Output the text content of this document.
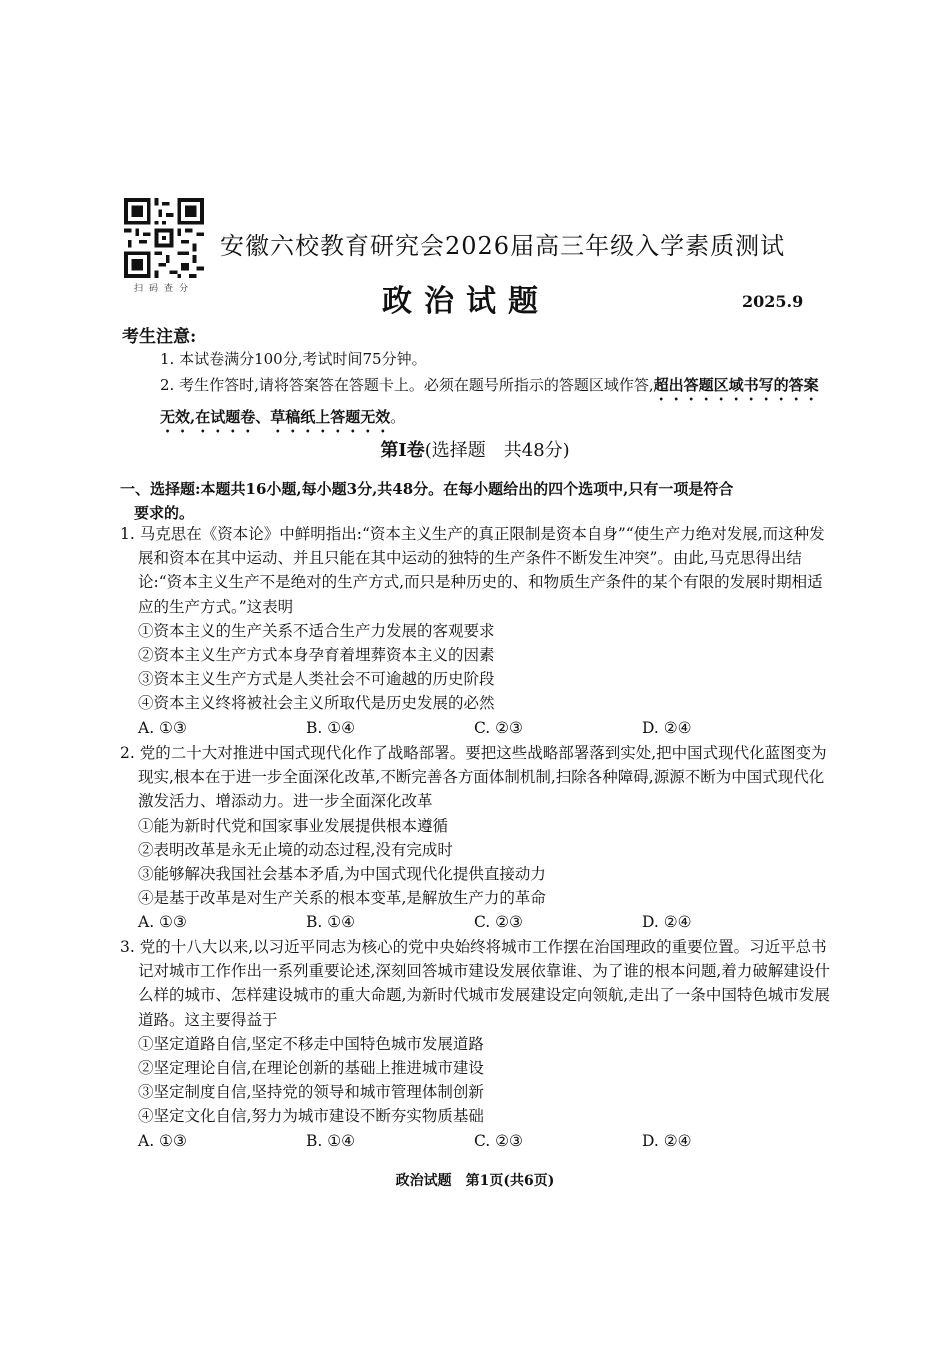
扫码查分
安徽六校教育研究会2026届高三年级入学素质测试
政治试题	2025.9
考生注意:
1. 本试卷满分100分,考试时间75分钟。
2. 考生作答时,请将答案答在答题卡上。必须在题号所指示的答题区域作答,超出答题区域书写的答案无效,在试题卷、草稿纸上答题无效。
第Ⅰ卷(选择题　共48分)
一、选择题:本题共16小题,每小题3分,共48分。在每小题给出的四个选项中,只有一项是符合
要求的。
1. 马克思在《资本论》中鲜明指出:“资本主义生产的真正限制是资本自身”“使生产力绝对发展,而这种发展和资本在其中运动、并且只能在其中运动的独特的生产条件不断发生冲突”。由此,马克思得出结论:“资本主义生产不是绝对的生产方式,而只是种历史的、和物质生产条件的某个有限的发展时期相适应的生产方式。”这表明
①资本主义的生产关系不适合生产力发展的客观要求
②资本主义生产方式本身孕育着埋葬资本主义的因素
③资本主义生产方式是人类社会不可逾越的历史阶段
④资本主义终将被社会主义所取代是历史发展的必然
A. ①③	B. ①④	C. ②③	D. ②④
2. 党的二十大对推进中国式现代化作了战略部署。要把这些战略部署落到实处,把中国式现代化蓝图变为现实,根本在于进一步全面深化改革,不断完善各方面体制机制,扫除各种障碍,源源不断为中国式现代化激发活力、增添动力。进一步全面深化改革
①能为新时代党和国家事业发展提供根本遵循
②表明改革是永无止境的动态过程,没有完成时
③能够解决我国社会基本矛盾,为中国式现代化提供直接动力
④是基于改革是对生产关系的根本变革,是解放生产力的革命
A. ①③	B. ①④	C. ②③	D. ②④
3. 党的十八大以来,以习近平同志为核心的党中央始终将城市工作摆在治国理政的重要位置。习近平总书记对城市工作作出一系列重要论述,深刻回答城市建设发展依靠谁、为了谁的根本问题,着力破解建设什么样的城市、怎样建设城市的重大命题,为新时代城市发展建设定向领航,走出了一条中国特色城市发展道路。这主要得益于
①坚定道路自信,坚定不移走中国特色城市发展道路
②坚定理论自信,在理论创新的基础上推进城市建设
③坚定制度自信,坚持党的领导和城市管理体制创新
④坚定文化自信,努力为城市建设不断夯实物质基础
A. ①③	B. ①④	C. ②③	D. ②④
政治试题　第1页(共6页)
